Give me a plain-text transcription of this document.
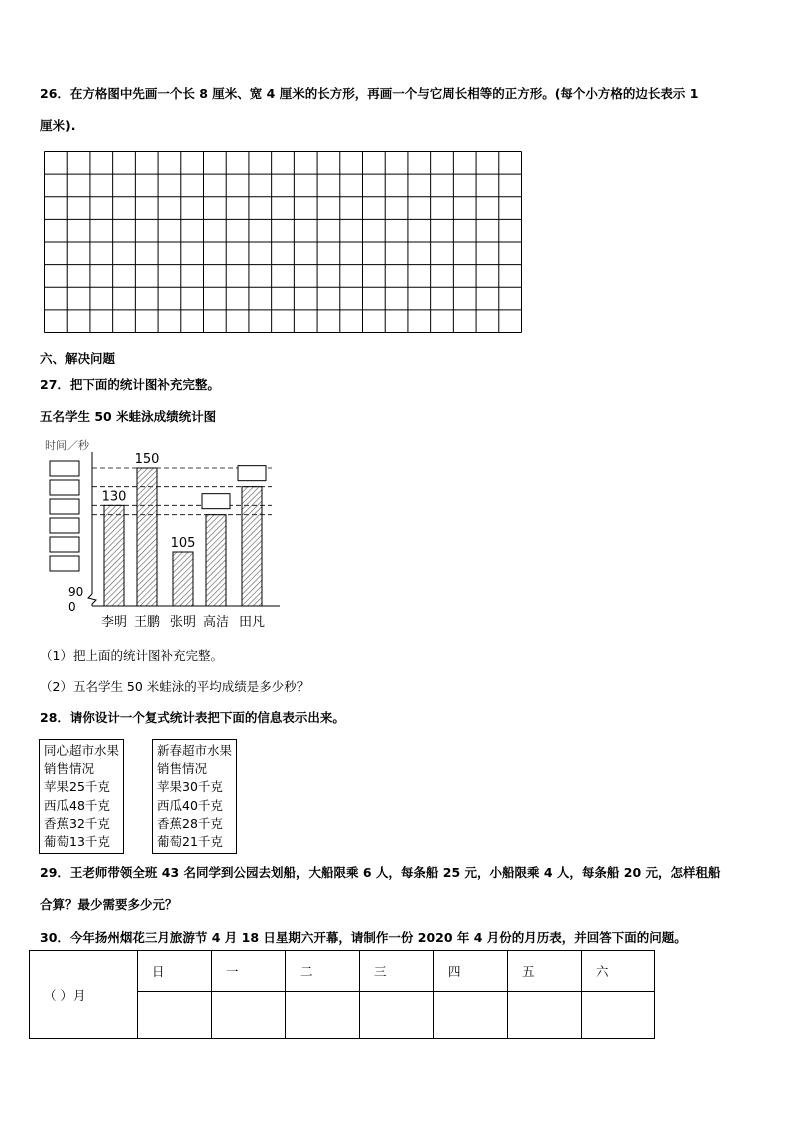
26．在方格图中先画一个长 8 厘米、宽 4 厘米的长方形，再画一个与它周长相等的正方形。(每个小方格的边长表示 1
厘米).
六、解决问题
27．把下面的统计图补充完整。
五名学生 50 米蛙泳成绩统计图
时间／秒
90
0
130
李明
150
王鹏
105
张明 高洁 田凡
（1）把上面的统计图补充完整。
（2）五名学生 50 米蛙泳的平均成绩是多少秒？
28．请你设计一个复式统计表把下面的信息表示出来。
同心超市水果
销售情况
苹果25千克
西瓜48千克
香蕉32千克
葡萄13千克
新春超市水果
销售情况
苹果30千克
西瓜40千克
香蕉28千克
葡萄21千克
29．王老师带领全班 43 名同学到公园去划船，大船限乘 6 人，每条船 25 元，小船限乘 4 人，每条船 20 元，怎样租船
合算？最少需要多少元？
30．今年扬州烟花三月旅游节 4 月 18 日星期六开幕，请制作一份 2020 年 4 月份的月历表，并回答下面的问题。
（ ）月	日	一	二	三	四	五	六
